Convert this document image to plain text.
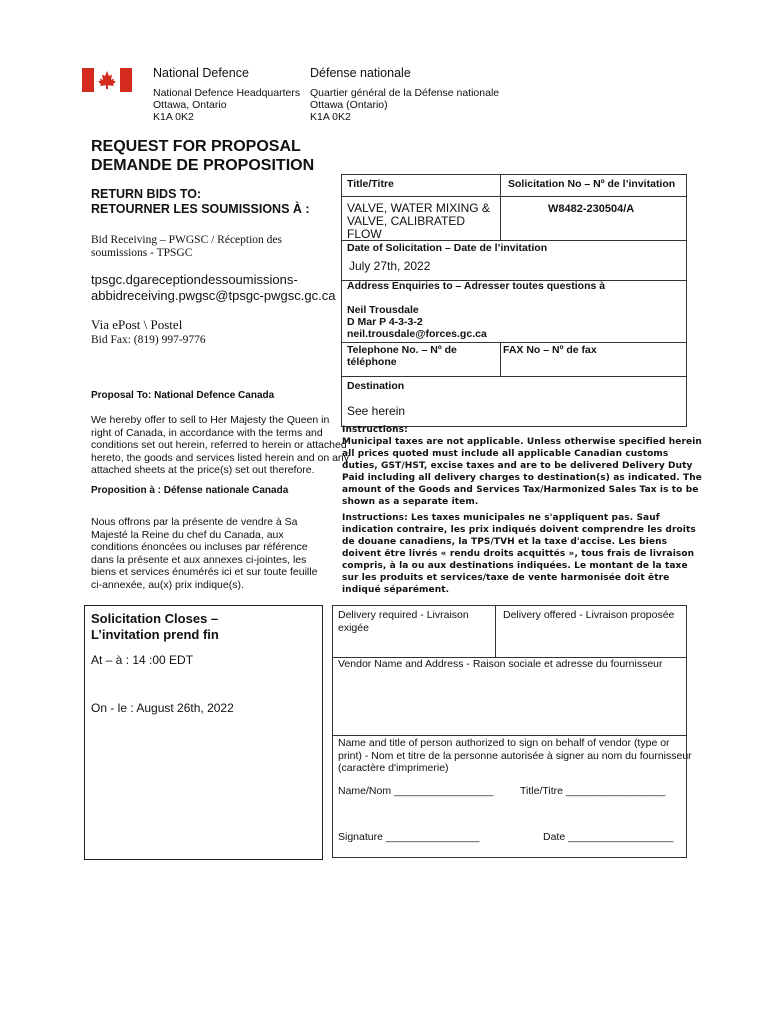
National Defence	Défense nationale
National Defence Headquarters
Ottawa, Ontario
K1A 0K2
Quartier général de la Défense nationale
Ottawa (Ontario)
K1A 0K2
REQUEST FOR PROPOSAL
DEMANDE DE PROPOSITION
RETURN BIDS TO:
RETOURNER LES SOUMISSIONS À :
Bid Receiving – PWGSC / Réception des
soumissions - TPSGC
tpsgc.dgareceptiondessoumissions-
abbidreceiving.pwgsc@tpsgc-pwgsc.gc.ca
Via ePost \ Postel
Bid Fax: (819) 997-9776
Proposal To: National Defence Canada
We hereby offer to sell to Her Majesty the Queen in
right of Canada, in accordance with the terms and
conditions set out herein, referred to herein or attached
hereto, the goods and services listed herein and on any
attached sheets at the price(s) set out therefore.
Proposition à : Défense nationale Canada
Nous offrons par la présente de vendre à Sa
Majesté la Reine du chef du Canada, aux
conditions énoncées ou incluses par référence
dans la présente et aux annexes ci-jointes, les
biens et services énumérés ici et sur toute feuille
ci-annexée, au(x) prix indique(s).
Solicitation Closes –
L’invitation prend fin
At – à : 14 :00 EDT
On - le : August 26th, 2022
Title/Titre	Solicitation No – Nº de l’invitation
VALVE, WATER MIXING &
VALVE, CALIBRATED
FLOW
W8482-230504/A
Date of Solicitation – Date de l’invitation
July 27th, 2022
Address Enquiries to – Adresser toutes questions à
Neil Trousdale
D Mar P 4-3-3-2
neil.trousdale@forces.gc.ca
Telephone No. – Nº de
téléphone
FAX No – Nº de fax
Destination
See herein
Instructions:
Municipal taxes are not applicable. Unless otherwise specified herein
all prices quoted must include all applicable Canadian customs
duties, GST/HST, excise taxes and are to be delivered Delivery Duty
Paid including all delivery charges to destination(s) as indicated. The
amount of the Goods and Services Tax/Harmonized Sales Tax is to be
shown as a separate item.
Instructions: Les taxes municipales ne s'appliquent pas. Sauf
indication contraire, les prix indiqués doivent comprendre les droits
de douane canadiens, la TPS/TVH et la taxe d'accise. Les biens
doivent être livrés « rendu droits acquittés », tous frais de livraison
compris, à la ou aux destinations indiquées. Le montant de la taxe
sur les produits et services/taxe de vente harmonisée doit être
indiqué séparément.
Delivery required - Livraison
exigée
Delivery offered - Livraison proposée
Vendor Name and Address - Raison sociale et adresse du fournisseur
Name and title of person authorized to sign on behalf of vendor (type or
print) - Nom et titre de la personne autorisée à signer au nom du fournisseur
(caractère d'imprimerie)
Name/Nom _________________	Title/Titre _________________
Signature ________________	Date __________________
